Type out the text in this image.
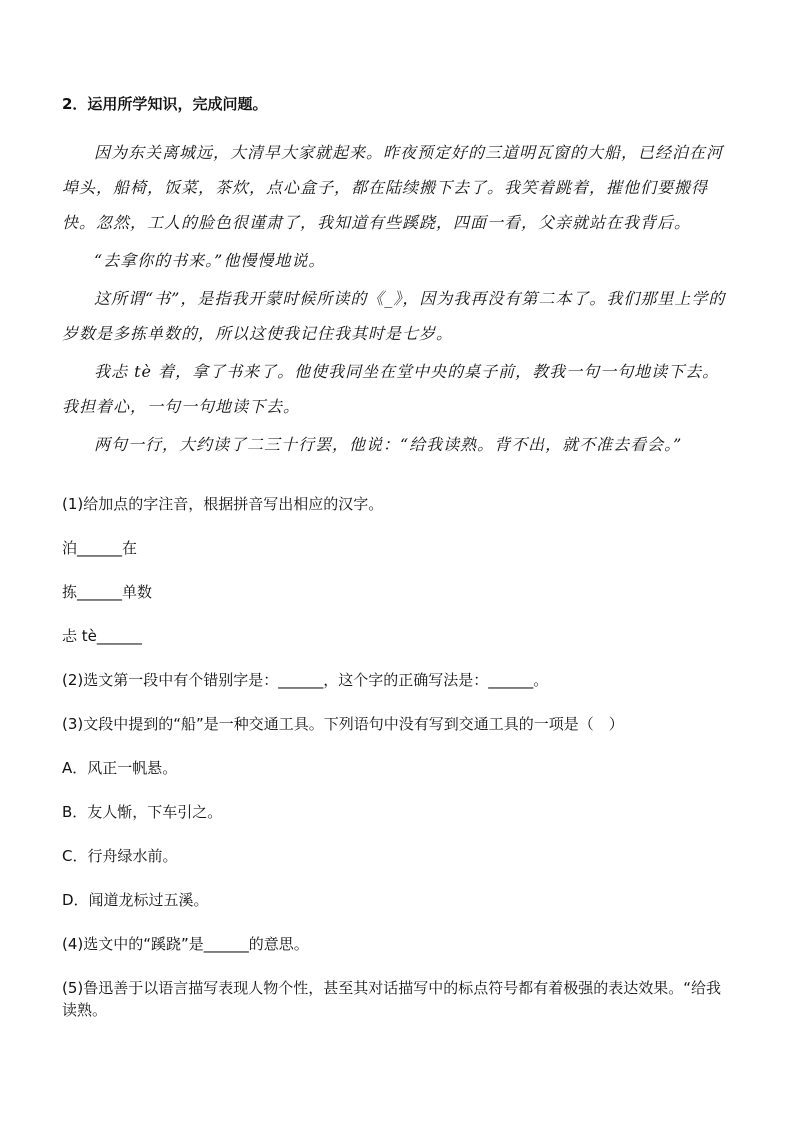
2．运用所学知识，完成问题。

因为东关离城远，大清早大家就起来。昨夜预定好的三道明瓦窗的大船，已经泊在河埠头，船椅，饭菜，茶炊，点心盒子，都在陆续搬下去了。我笑着跳着，摧他们要搬得快。忽然，工人的脸色很谨肃了，我知道有些蹊跷，四面一看，父亲就站在我背后。

“去拿你的书来。”他慢慢地说。

这所谓“书”，是指我开蒙时候所读的《_》，因为我再没有第二本了。我们那里上学的岁数是多拣单数的，所以这使我记住我其时是七岁。

我忐 tè 着，拿了书来了。他使我同坐在堂中央的桌子前，教我一句一句地读下去。我担着心，一句一句地读下去。

两句一行，大约读了二三十行罢，他说：“给我读熟。背不出，就不准去看会。”

(1)给加点的字注音，根据拼音写出相应的汉字。

泊______在

拣______单数

忐 tè______

(2)选文第一段中有个错别字是：______，这个字的正确写法是：______。

(3)文段中提到的“船”是一种交通工具。下列语句中没有写到交通工具的一项是（　）

A．风正一帆悬。

B．友人惭，下车引之。

C．行舟绿水前。

D．闻道龙标过五溪。

(4)选文中的“蹊跷”是______的意思。

(5)鲁迅善于以语言描写表现人物个性，甚至其对话描写中的标点符号都有着极强的表达效果。“给我读熟。
